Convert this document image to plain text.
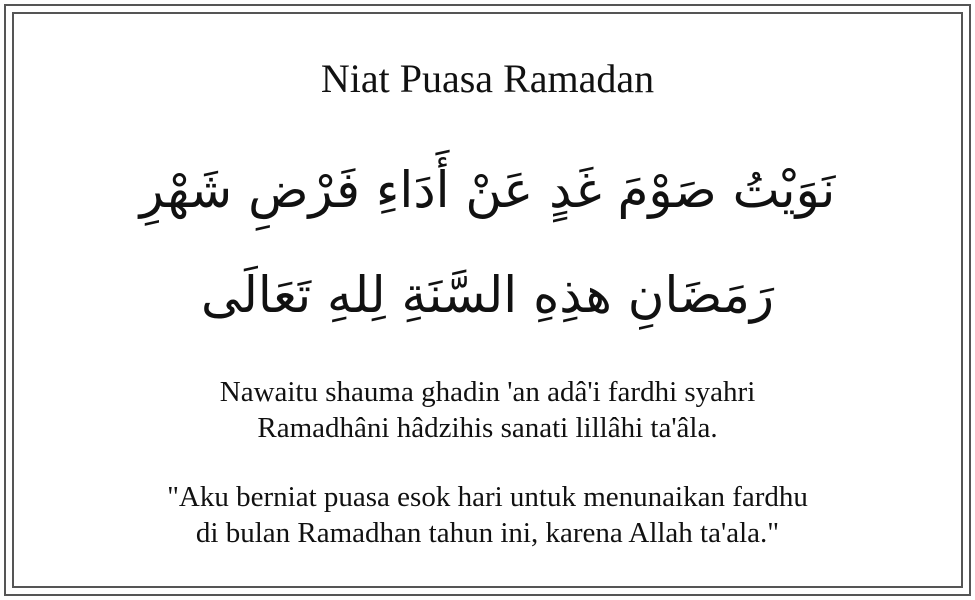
Niat Puasa Ramadan
نَوَيْتُ صَوْمَ غَدٍ عَنْ أَدَاءِ فَرْضِ شَهْرِ
رَمَضَانِ هذِهِ السَّنَةِ لِلهِ تَعَالَى
Nawaitu shauma ghadin 'an adâ'i fardhi syahri
Ramadhâni hâdzihis sanati lillâhi ta'âla.
"Aku berniat puasa esok hari untuk menunaikan fardhu
di bulan Ramadhan tahun ini, karena Allah ta'ala."
